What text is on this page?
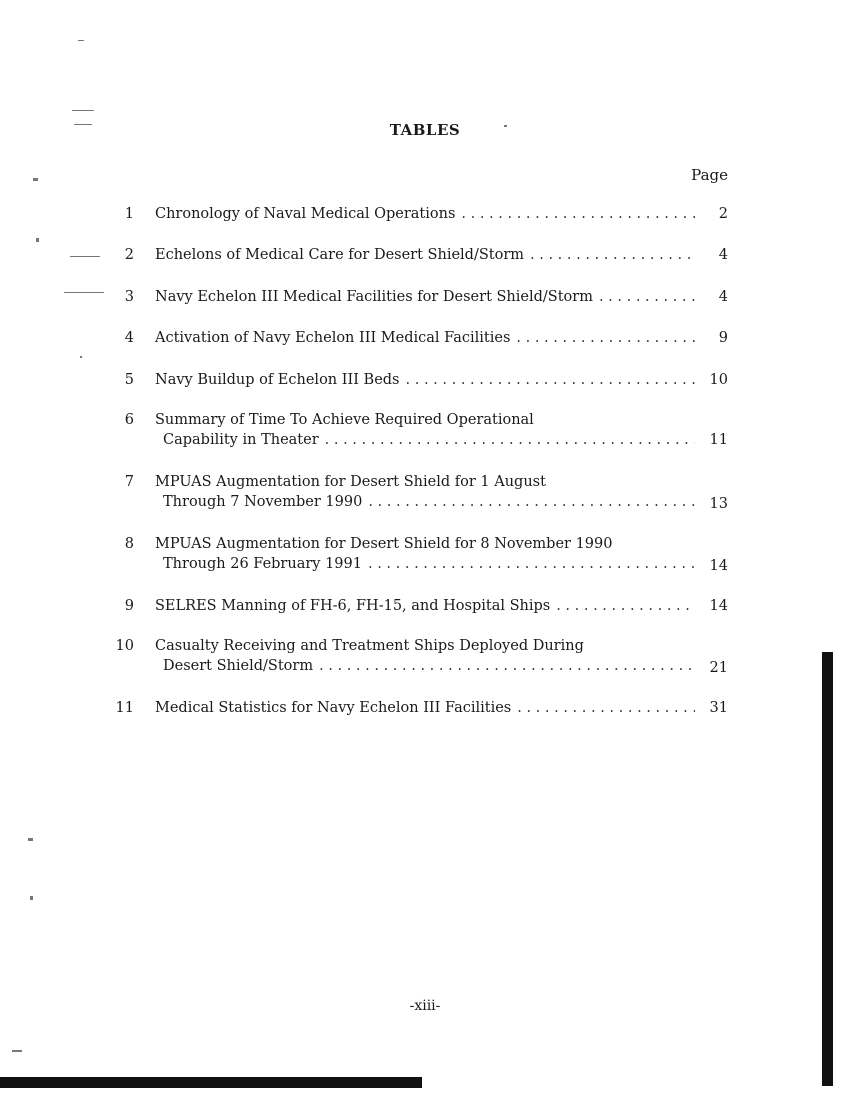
TABLES
Page
1 Chronology of Naval Medical Operations . . .	2
2 Echelons of Medical Care for Desert Shield/Storm . . .	4
3 Navy Echelon III Medical Facilities for Desert Shield/Storm . . .	4
4 Activation of Navy Echelon III Medical Facilities . . .	9
5 Navy Buildup of Echelon III Beds . . .	10
6 Summary of Time To Achieve Required Operational
Capability in Theater . . .	11
7 MPUAS Augmentation for Desert Shield for 1 August
Through 7 November 1990 . . .	13
8 MPUAS Augmentation for Desert Shield for 8 November 1990
Through 26 February 1991 . . .	14
9 SELRES Manning of FH-6, FH-15, and Hospital Ships . . .	14
10 Casualty Receiving and Treatment Ships Deployed During
Desert Shield/Storm . . .	21
11 Medical Statistics for Navy Echelon III Facilities . . .	31
-xiii-
